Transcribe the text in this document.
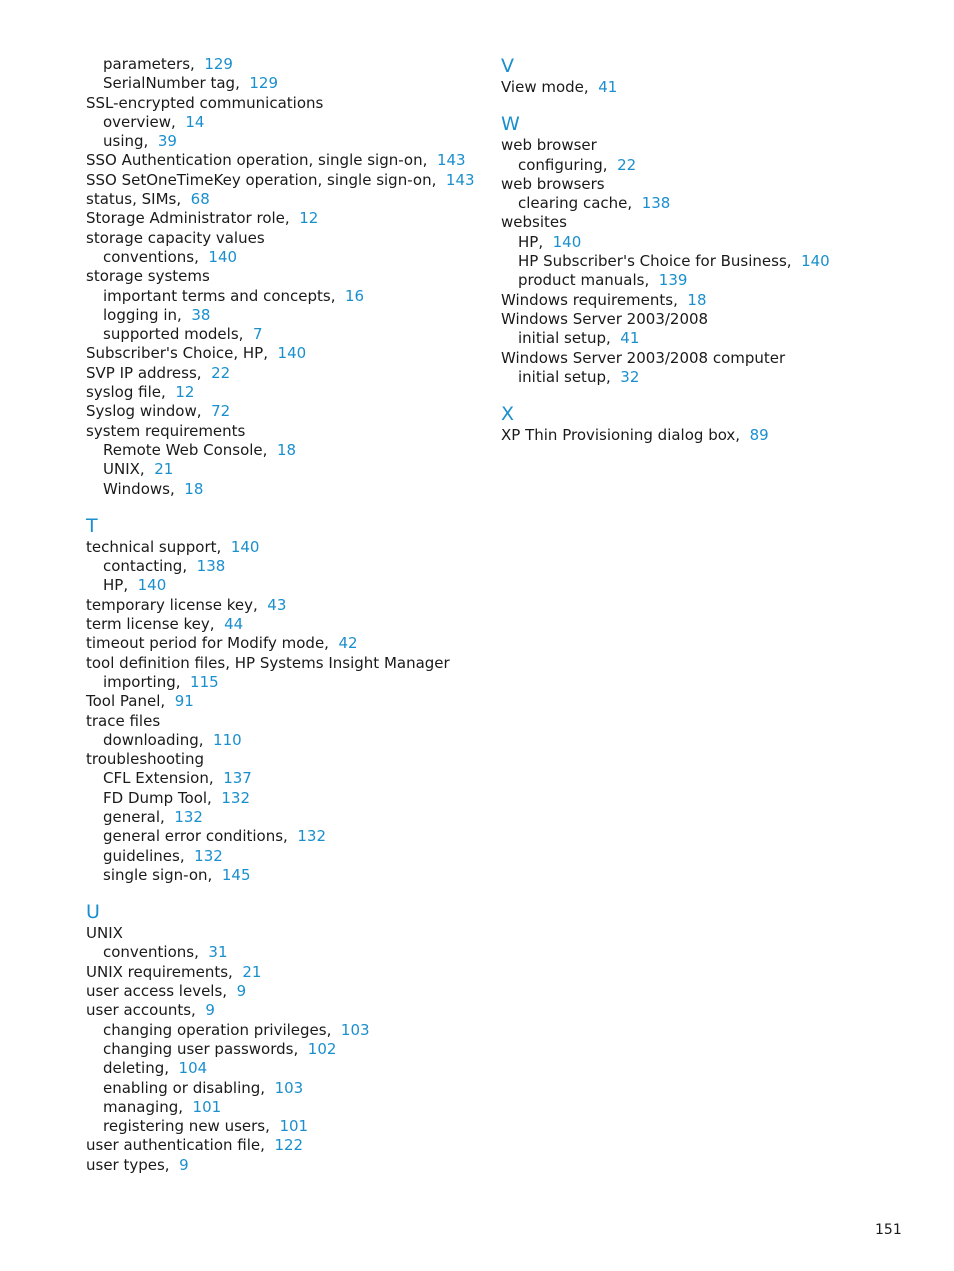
parameters, 129
SerialNumber tag, 129
SSL-encrypted communications
overview, 14
using, 39
SSO Authentication operation, single sign-on, 143
SSO SetOneTimeKey operation, single sign-on, 143
status, SIMs, 68
Storage Administrator role, 12
storage capacity values
conventions, 140
storage systems
important terms and concepts, 16
logging in, 38
supported models, 7
Subscriber's Choice, HP, 140
SVP IP address, 22
syslog file, 12
Syslog window, 72
system requirements
Remote Web Console, 18
UNIX, 21
Windows, 18
T
technical support, 140
contacting, 138
HP, 140
temporary license key, 43
term license key, 44
timeout period for Modify mode, 42
tool definition files, HP Systems Insight Manager
importing, 115
Tool Panel, 91
trace files
downloading, 110
troubleshooting
CFL Extension, 137
FD Dump Tool, 132
general, 132
general error conditions, 132
guidelines, 132
single sign-on, 145
U
UNIX
conventions, 31
UNIX requirements, 21
user access levels, 9
user accounts, 9
changing operation privileges, 103
changing user passwords, 102
deleting, 104
enabling or disabling, 103
managing, 101
registering new users, 101
user authentication file, 122
user types, 9
V
View mode, 41
W
web browser
configuring, 22
web browsers
clearing cache, 138
websites
HP, 140
HP Subscriber's Choice for Business, 140
product manuals, 139
Windows requirements, 18
Windows Server 2003/2008
initial setup, 41
Windows Server 2003/2008 computer
initial setup, 32
X
XP Thin Provisioning dialog box, 89
151
